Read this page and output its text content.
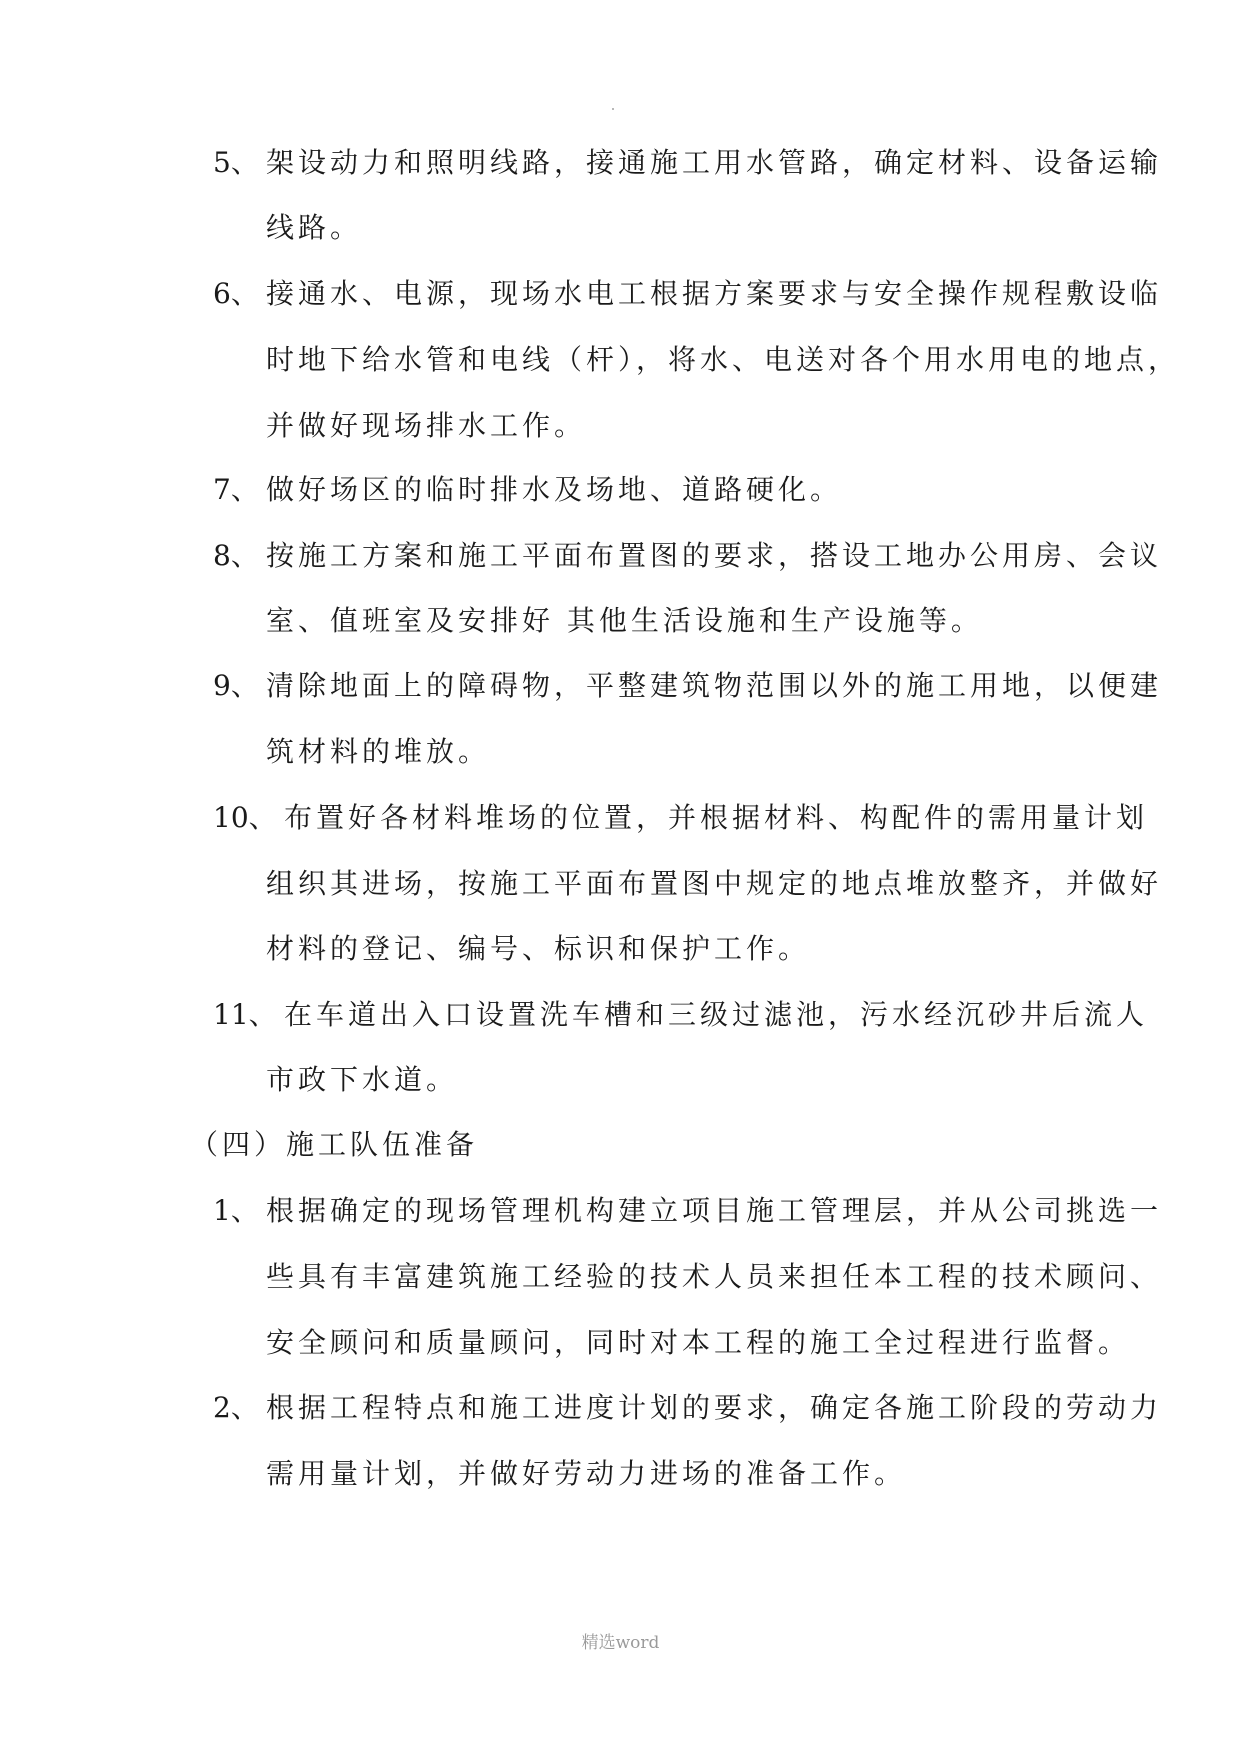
5、 架设动力和照明线路，接通施工用水管路，确定材料、设备运输
线路。
6、 接通水、电源，现场水电工根据方案要求与安全操作规程敷设临
时地下给水管和电线（杆），将水、电送对各个用水用电的地点，
并做好现场排水工作。
7、 做好场区的临时排水及场地、道路硬化。
8、 按施工方案和施工平面布置图的要求，搭设工地办公用房、会议
室、值班室及安排好 其他生活设施和生产设施等。
9、 清除地面上的障碍物，平整建筑物范围以外的施工用地，以便建
筑材料的堆放。
10、 布置好各材料堆场的位置，并根据材料、构配件的需用量计划
组织其进场，按施工平面布置图中规定的地点堆放整齐，并做好
材料的登记、编号、标识和保护工作。
11、 在车道出入口设置洗车槽和三级过滤池，污水经沉砂井后流人
市政下水道。
（四）施工队伍准备
1、 根据确定的现场管理机构建立项目施工管理层，并从公司挑选一
些具有丰富建筑施工经验的技术人员来担任本工程的技术顾问、
安全顾问和质量顾问，同时对本工程的施工全过程进行监督。
2、 根据工程特点和施工进度计划的要求，确定各施工阶段的劳动力
需用量计划，并做好劳动力进场的准备工作。
精选word
